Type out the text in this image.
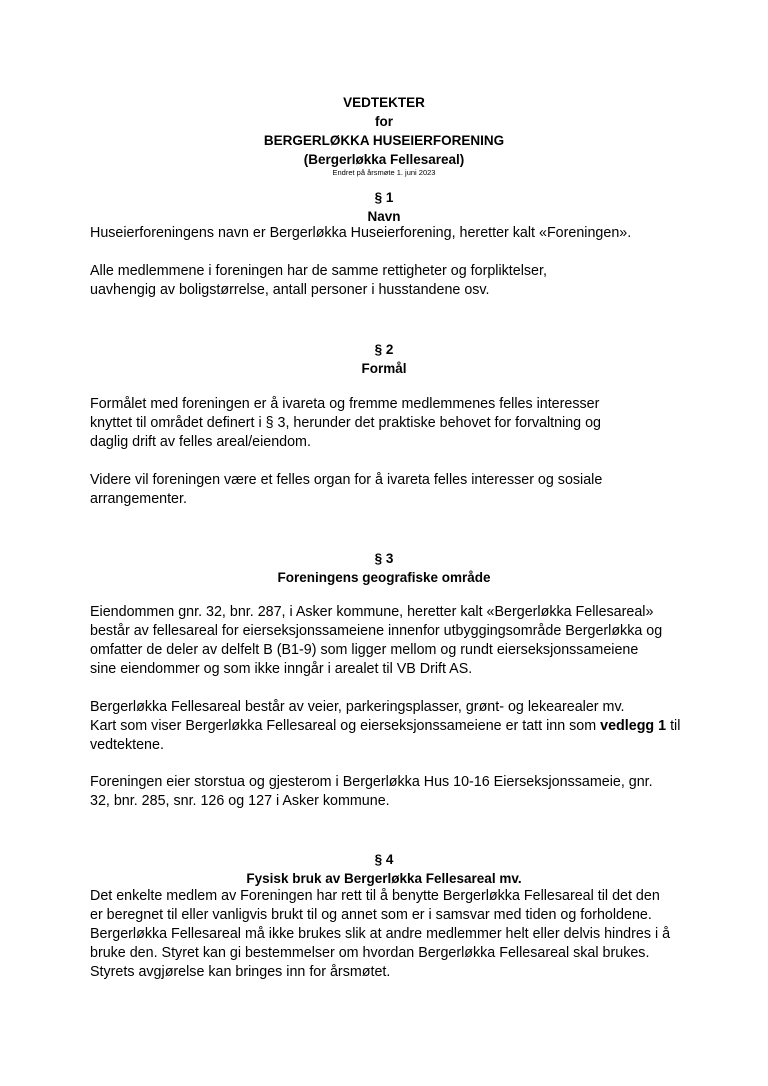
VEDTEKTER
for
BERGERLØKKA HUSEIERFORENING
(Bergerløkka Fellesareal)
Endret på årsmøte 1. juni 2023
§ 1
Navn
Huseierforeningens navn er Bergerløkka Huseierforening, heretter kalt «Foreningen».
Alle medlemmene i foreningen har de samme rettigheter og forpliktelser,
uavhengig av boligstørrelse, antall personer i husstandene osv.
§ 2
Formål
Formålet med foreningen er å ivareta og fremme medlemmenes felles interesser
knyttet til området definert i § 3, herunder det praktiske behovet for forvaltning og
daglig drift av felles areal/eiendom.
Videre vil foreningen være et felles organ for å ivareta felles interesser og sosiale
arrangementer.
§ 3
Foreningens geografiske område
Eiendommen gnr. 32, bnr. 287, i Asker kommune, heretter kalt «Bergerløkka Fellesareal»
består av fellesareal for eierseksjonssameiene innenfor utbyggingsområde Bergerløkka og
omfatter de deler av delfelt B (B1-9) som ligger mellom og rundt eierseksjonssameiene
sine eiendommer og som ikke inngår i arealet til VB Drift AS.
Bergerløkka Fellesareal består av veier, parkeringsplasser, grønt- og lekearealer mv.
Kart som viser Bergerløkka Fellesareal og eierseksjonssameiene er tatt inn som vedlegg 1 til
vedtektene.
Foreningen eier storstua og gjesterom i Bergerløkka Hus 10-16 Eierseksjonssameie, gnr.
32, bnr. 285, snr. 126 og 127 i Asker kommune.
§ 4
Fysisk bruk av Bergerløkka Fellesareal mv.
Det enkelte medlem av Foreningen har rett til å benytte Bergerløkka Fellesareal til det den
er beregnet til eller vanligvis brukt til og annet som er i samsvar med tiden og forholdene.
Bergerløkka Fellesareal må ikke brukes slik at andre medlemmer helt eller delvis hindres i å
bruke den. Styret kan gi bestemmelser om hvordan Bergerløkka Fellesareal skal brukes.
Styrets avgjørelse kan bringes inn for årsmøtet.
